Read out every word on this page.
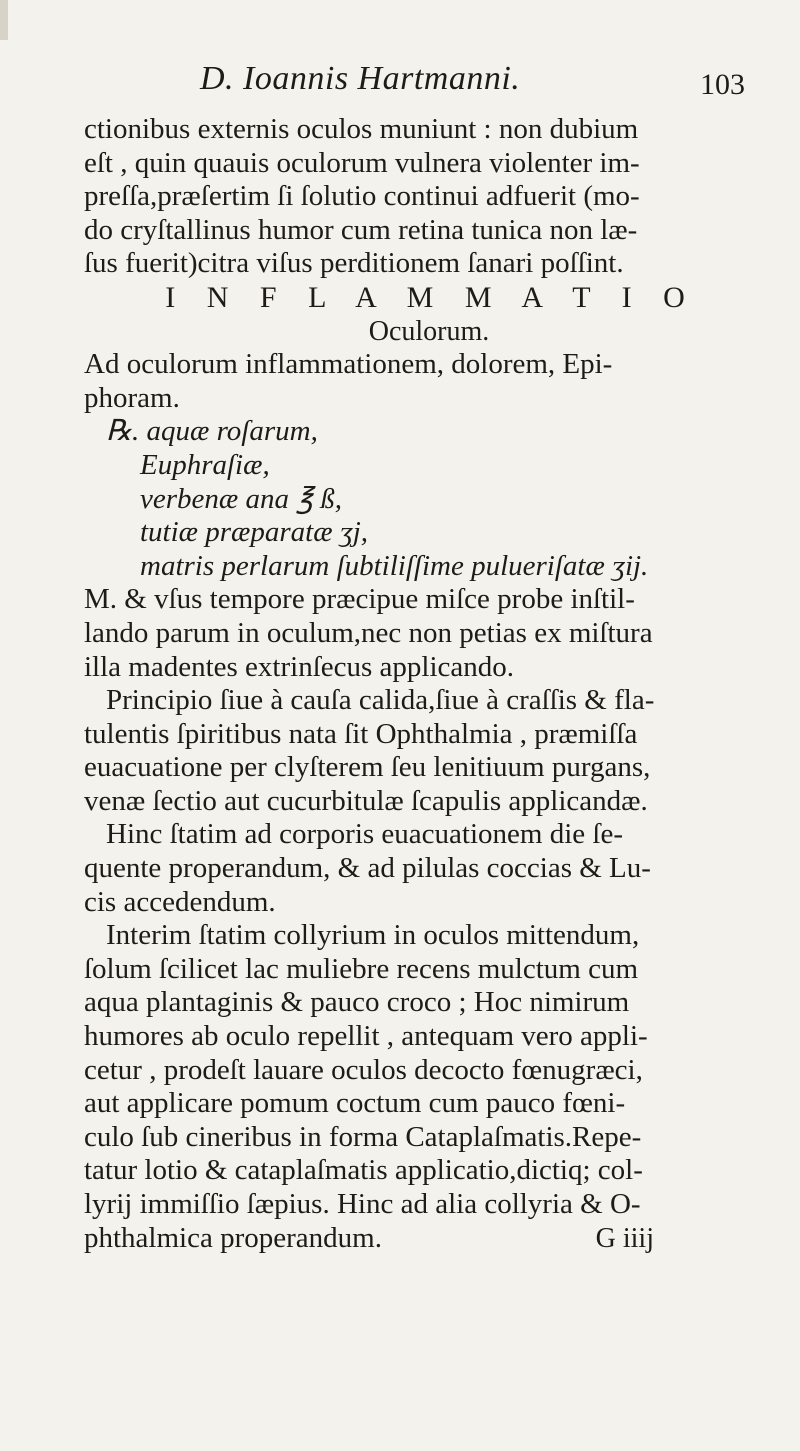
D. Ioannis Hartmanni.	103
ctionibus externis oculos muniunt : non dubium
eſt , quin quauis oculorum vulnera violenter im-
preſſa,præſertim ſi ſolutio continui adfuerit (mo-
do cryſtallinus humor cum retina tunica non læ-
ſus fuerit)citra viſus perditionem ſanari poſſint.
I N F L A M M A T I O
Oculorum.
Ad oculorum inflammationem, dolorem, Epi-
phoram.
℞. aquæ roſarum,
Euphraſiæ,
verbenæ ana ℥ ß,
tutiæ præparatæ ʒj,
matris perlarum ſubtiliſſime pulueriſatæ ʒij.
M. & vſus tempore præcipue miſce probe inſtil-
lando parum in oculum,nec non petias ex miſtura
illa madentes extrinſecus applicando.
Principio ſiue à cauſa calida,ſiue à craſſis & fla-
tulentis ſpiritibus nata ſit Ophthalmia , præmiſſa
euacuatione per clyſterem ſeu lenitiuum purgans,
venæ ſectio aut cucurbitulæ ſcapulis applicandæ.
Hinc ſtatim ad corporis euacuationem die ſe-
quente properandum, & ad pilulas coccias & Lu-
cis accedendum.
Interim ſtatim collyrium in oculos mittendum,
ſolum ſcilicet lac muliebre recens mulctum cum
aqua plantaginis & pauco croco ; Hoc nimirum
humores ab oculo repellit , antequam vero appli-
cetur , prodeſt lauare oculos decocto fœnugræci,
aut applicare pomum coctum cum pauco fœni-
culo ſub cineribus in forma Cataplaſmatis.Repe-
tatur lotio & cataplaſmatis applicatio,dictiq; col-
lyrij immiſſio ſæpius. Hinc ad alia collyria & O-
phthalmica properandum.	G iiij
